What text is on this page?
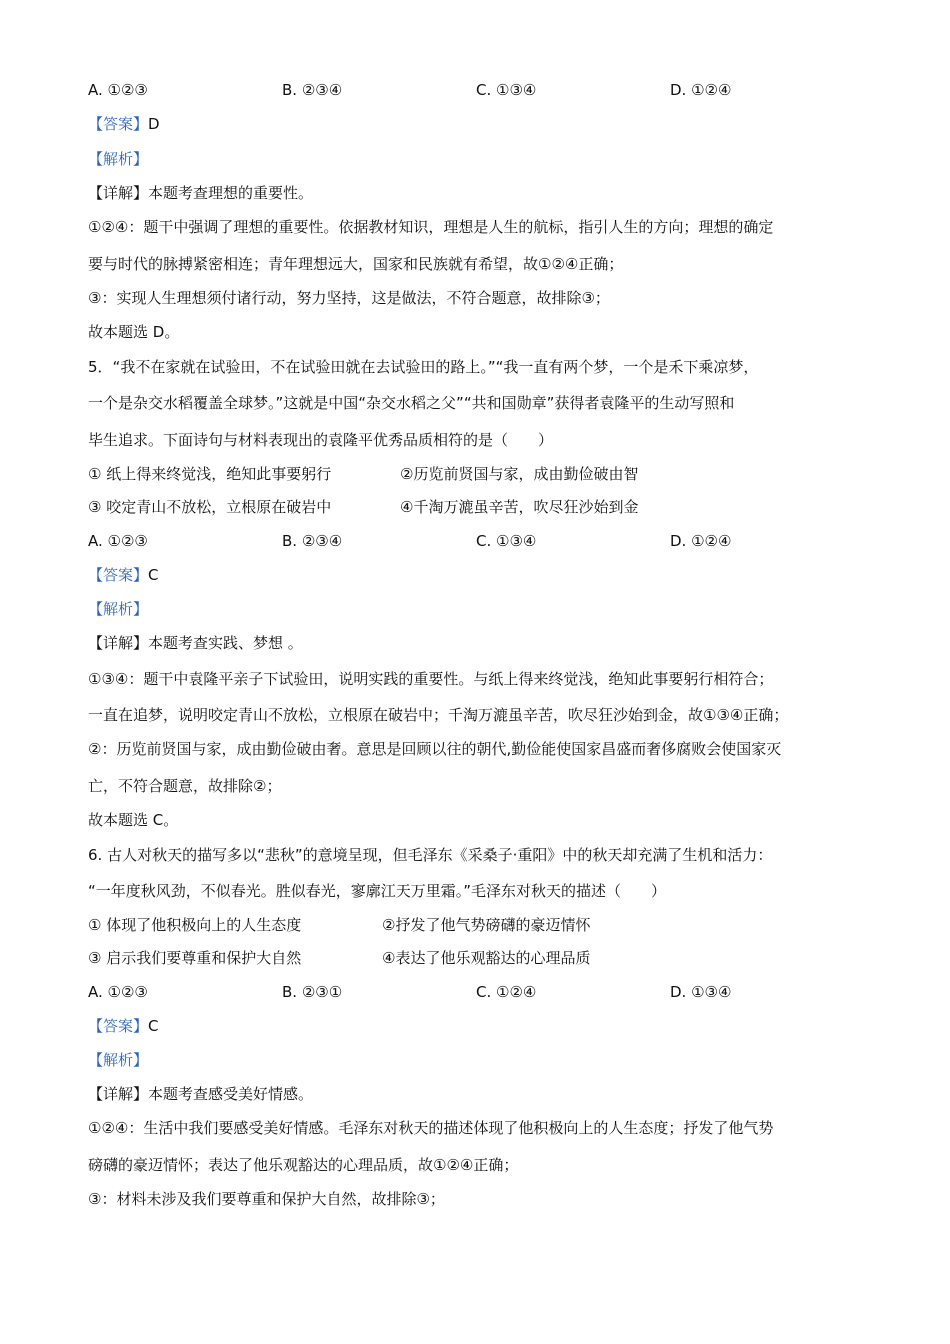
A. ①②③	B. ②③④	C. ①③④	D. ①②④
【答案】D
【解析】
【详解】本题考查理想的重要性。
①②④：题干中强调了理想的重要性。依据教材知识，理想是人生的航标，指引人生的方向；理想的确定
要与时代的脉搏紧密相连；青年理想远大，国家和民族就有希望，故①②④正确；
③：实现人生理想须付诸行动，努力坚持，这是做法，不符合题意，故排除③；
故本题选 D。
5．“我不在家就在试验田，不在试验田就在去试验田的路上。”“我一直有两个梦，一个是禾下乘凉梦，
一个是杂交水稻覆盖全球梦。”这就是中国“杂交水稻之父”“共和国勋章”获得者袁隆平的生动写照和
毕生追求。下面诗句与材料表现出的袁隆平优秀品质相符的是（　　）
① 纸上得来终觉浅，绝知此事要躬行	②历览前贤国与家，成由勤俭破由智
③ 咬定青山不放松，立根原在破岩中	④千淘万漉虽辛苦，吹尽狂沙始到金
A. ①②③	B. ②③④	C. ①③④	D. ①②④
【答案】C
【解析】
【详解】本题考查实践、梦想 。
①③④：题干中袁隆平亲子下试验田，说明实践的重要性。与纸上得来终觉浅，绝知此事要躬行相符合；
一直在追梦，说明咬定青山不放松，立根原在破岩中；千淘万漉虽辛苦，吹尽狂沙始到金，故①③④正确；
②：历览前贤国与家，成由勤俭破由奢。意思是回顾以往的朝代,勤俭能使国家昌盛而奢侈腐败会使国家灭
亡，不符合题意，故排除②；
故本题选 C。
6. 古人对秋天的描写多以“悲秋”的意境呈现，但毛泽东《采桑子·重阳》中的秋天却充满了生机和活力：
“一年度秋风劲，不似春光。胜似春光，寥廓江天万里霜。”毛泽东对秋天的描述（　　）
① 体现了他积极向上的人生态度	②抒发了他气势磅礴的豪迈情怀
③ 启示我们要尊重和保护大自然	④表达了他乐观豁达的心理品质
A. ①②③	B. ②③①	C. ①②④	D. ①③④
【答案】C
【解析】
【详解】本题考查感受美好情感。
①②④：生活中我们要感受美好情感。毛泽东对秋天的描述体现了他积极向上的人生态度；抒发了他气势
磅礴的豪迈情怀；表达了他乐观豁达的心理品质，故①②④正确；
③：材料未涉及我们要尊重和保护大自然，故排除③；
